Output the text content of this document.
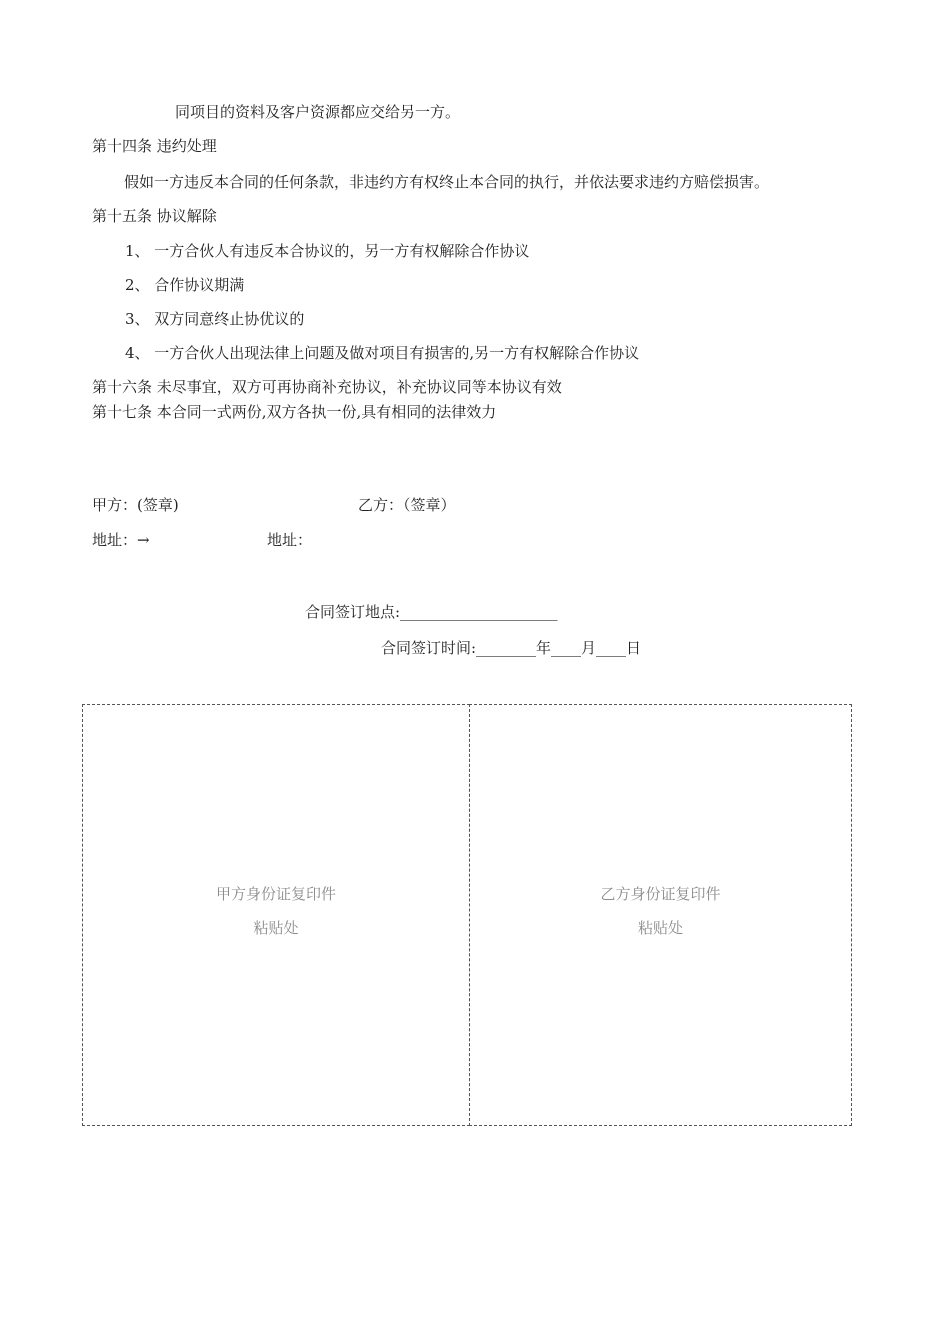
同项目的资料及客户资源都应交给另一方。
第十四条 违约处理
假如一方违反本合同的任何条款，非违约方有权终止本合同的执行，并依法要求违约方赔偿损害。
第十五条 协议解除
1、 一方合伙人有违反本合协议的，另一方有权解除合作协议
2、 合作协议期满
3、 双方同意终止协优议的
4、 一方合伙人出现法律上问题及做对项目有损害的,另一方有权解除合作协议
第十六条 未尽事宜，双方可再协商补充协议，补充协议同等本协议有效
第十七条 本合同一式两份,双方各执一份,具有相同的法律效力
甲方：(签章)	乙方：（签章）
地址：→	地址：
合同签订地点:_____________________
合同签订时间:________年____月____日
甲方身份证复印件
粘贴处
乙方身份证复印件
粘贴处
